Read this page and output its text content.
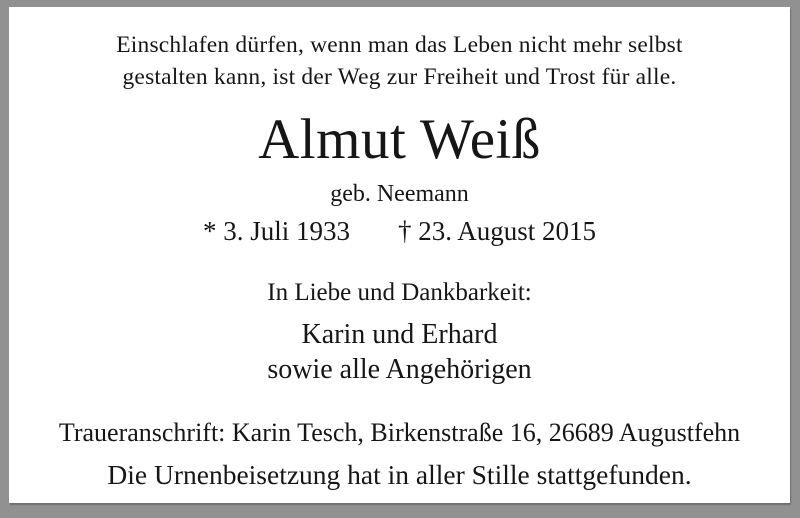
Einschlafen dürfen, wenn man das Leben nicht mehr selbst
gestalten kann, ist der Weg zur Freiheit und Trost für alle.
Almut Weiß
geb. Neemann
* 3. Juli 1933 † 23. August 2015
In Liebe und Dankbarkeit:
Karin und Erhard
sowie alle Angehörigen
Traueranschrift: Karin Tesch, Birkenstraße 16, 26689 Augustfehn
Die Urnenbeisetzung hat in aller Stille stattgefunden.
